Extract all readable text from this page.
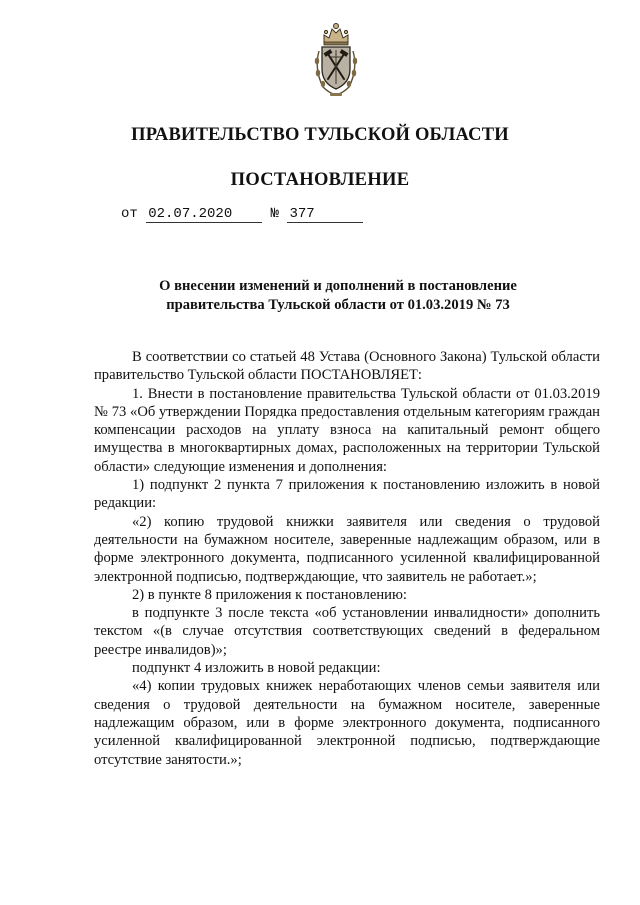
ПРАВИТЕЛЬСТВО ТУЛЬСКОЙ ОБЛАСТИ
ПОСТАНОВЛЕНИЕ
от 02.07.2020	№ 377
О внесении изменений и дополнений в постановление
правительства Тульской области от 01.03.2019 № 73

В соответствии со статьей 48 Устава (Основного Закона) Тульской области правительство Тульской области ПОСТАНОВЛЯЕТ:

1. Внести в постановление правительства Тульской области от 01.03.2019 № 73 «Об утверждении Порядка предоставления отдельным категориям граждан компенсации расходов на уплату взноса на капитальный ремонт общего имущества в многоквартирных домах, расположенных на территории Тульской области» следующие изменения и дополнения:

1) подпункт 2 пункта 7 приложения к постановлению изложить в новой редакции:

«2) копию трудовой книжки заявителя или сведения о трудовой деятельности на бумажном носителе, заверенные надлежащим образом, или в форме электронного документа, подписанного усиленной квалифицированной электронной подписью, подтверждающие, что заявитель не работает.»;

2) в пункте 8 приложения к постановлению:

в подпункте 3 после текста «об установлении инвалидности» дополнить текстом «(в случае отсутствия соответствующих сведений в федеральном реестре инвалидов)»;

подпункт 4 изложить в новой редакции:

«4) копии трудовых книжек неработающих членов семьи заявителя или сведения о трудовой деятельности на бумажном носителе, заверенные надлежащим образом, или в форме электронного документа, подписанного усиленной квалифицированной электронной подписью, подтверждающие отсутствие занятости.»;
